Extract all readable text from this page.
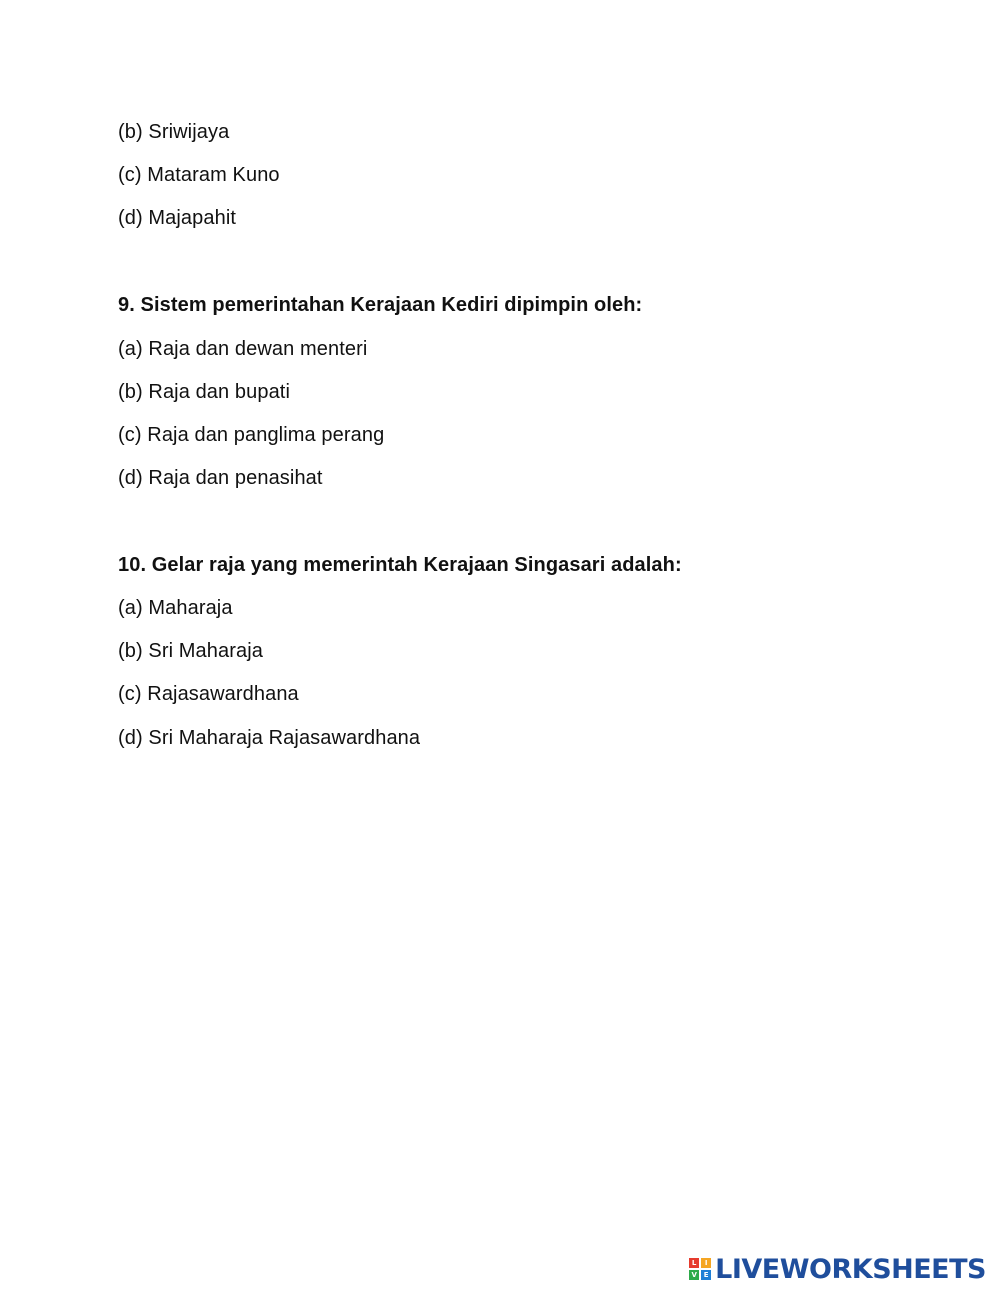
(b) Sriwijaya
(c) Mataram Kuno
(d) Majapahit
9. Sistem pemerintahan Kerajaan Kediri dipimpin oleh:
(a) Raja dan dewan menteri
(b) Raja dan bupati
(c) Raja dan panglima perang
(d) Raja dan penasihat
10. Gelar raja yang memerintah Kerajaan Singasari adalah:
(a) Maharaja
(b) Sri Maharaja
(c) Rajasawardhana
(d) Sri Maharaja Rajasawardhana
L	I
V E LIVEWORKSHEETS
